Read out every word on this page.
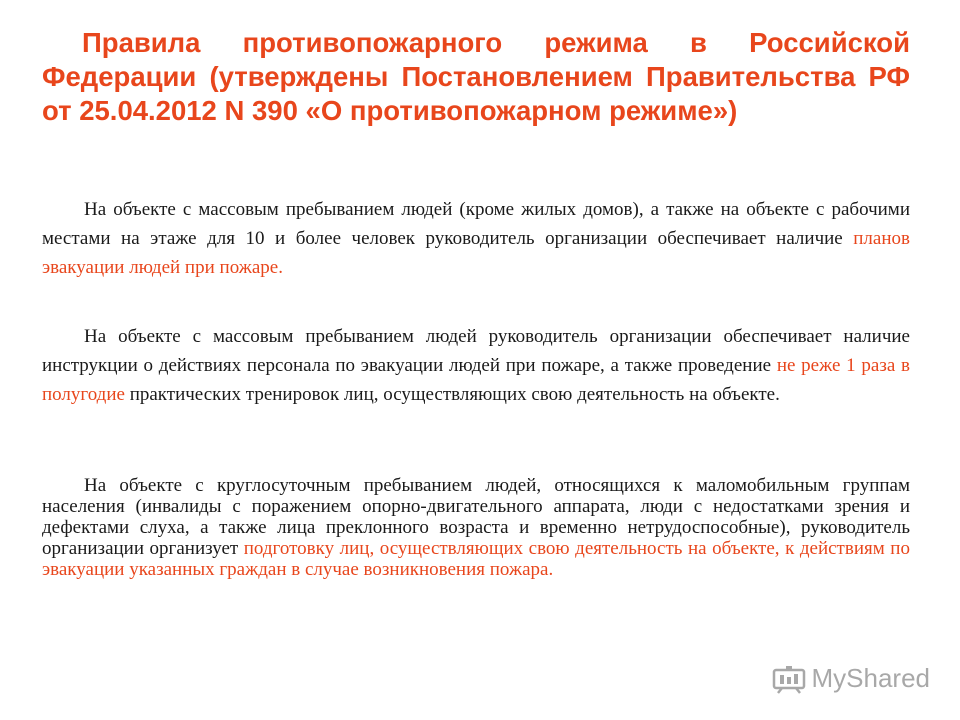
Правила противопожарного режима в Российской Федерации (утверждены Постановлением Правительства РФ от 25.04.2012 N 390 «О противопожарном режиме»)

На объекте с массовым пребыванием людей (кроме жилых домов), а также на объекте с рабочими местами на этаже для 10 и более человек руководитель организации обеспечивает наличие планов эвакуации людей при пожаре.

На объекте с массовым пребыванием людей руководитель организации обеспечивает наличие инструкции о действиях персонала по эвакуации людей при пожаре, а также проведение не реже 1 раза в полугодие практических тренировок лиц, осуществляющих свою деятельность на объекте.

На объекте с круглосуточным пребыванием людей, относящихся к маломобильным группам населения (инвалиды с поражением опорно-двигательного аппарата, люди с недостатками зрения и дефектами слуха, а также лица преклонного возраста и временно нетрудоспособные), руководитель организации организует подготовку лиц, осуществляющих свою деятельность на объекте, к действиям по эвакуации указанных граждан в случае возникновения пожара.

MyShared
